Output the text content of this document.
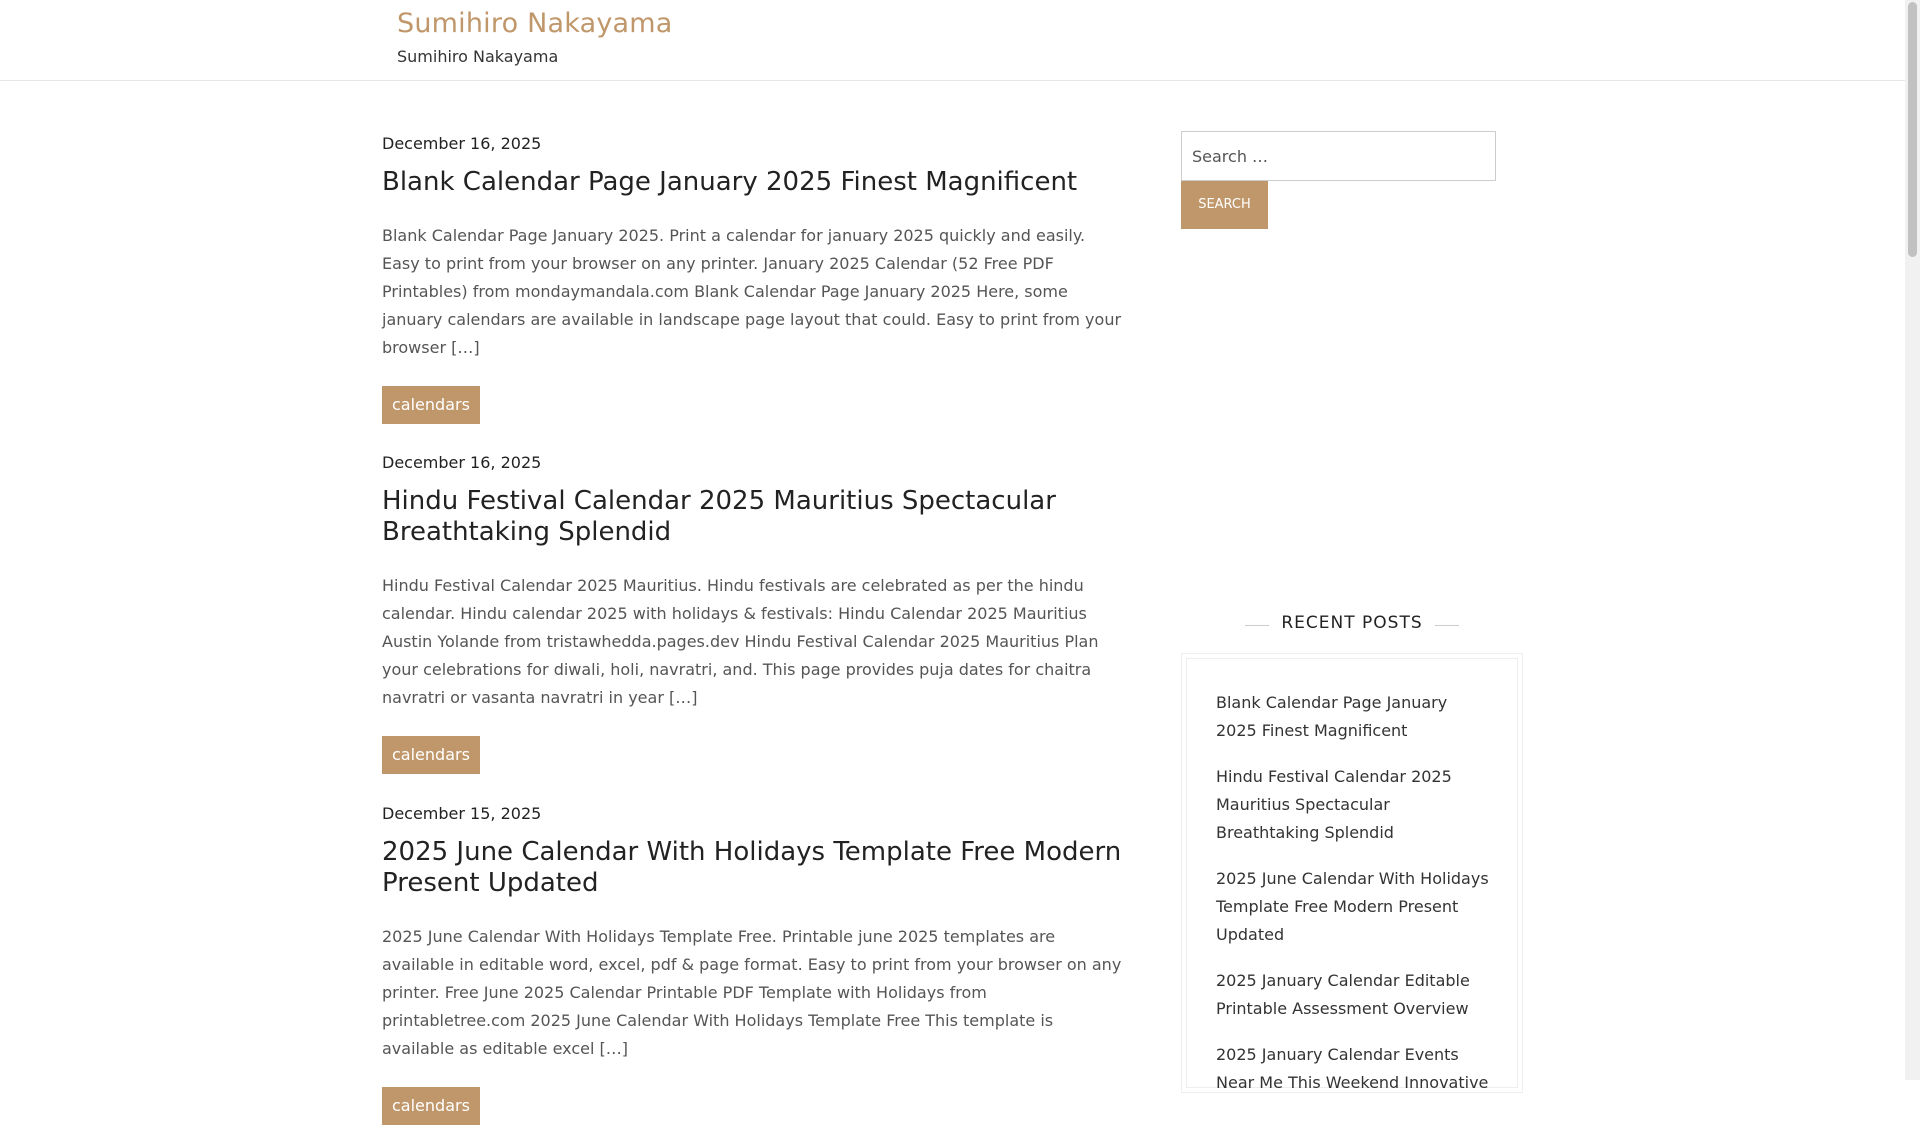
Sumihiro Nakayama

Sumihiro Nakayama

December 16, 2025
Blank Calendar Page January 2025 Finest Magnificent

Blank Calendar Page January 2025. Print a calendar for january 2025 quickly and easily. Easy to print from your browser on any printer. January 2025 Calendar (52 Free PDF Printables) from mondaymandala.com Blank Calendar Page January 2025 Here, some january calendars are available in landscape page layout that could. Easy to print from your browser […]

calendars
December 16, 2025
Hindu Festival Calendar 2025 Mauritius Spectacular Breathtaking Splendid

Hindu Festival Calendar 2025 Mauritius. Hindu festivals are celebrated as per the hindu calendar. Hindu calendar 2025 with holidays & festivals: Hindu Calendar 2025 Mauritius Austin Yolande from tristawhedda.pages.dev Hindu Festival Calendar 2025 Mauritius Plan your celebrations for diwali, holi, navratri, and. This page provides puja dates for chaitra navratri or vasanta navratri in year […]

calendars
December 15, 2025
2025 June Calendar With Holidays Template Free Modern Present Updated

2025 June Calendar With Holidays Template Free. Printable june 2025 templates are available in editable word, excel, pdf & page format. Easy to print from your browser on any printer. Free June 2025 Calendar Printable PDF Template with Holidays from printabletree.com 2025 June Calendar With Holidays Template Free This template is available as editable excel […]

calendars
Search …
SEARCH
RECENT POSTS
Blank Calendar Page January 2025 Finest Magnificent
Hindu Festival Calendar 2025 Mauritius Spectacular Breathtaking Splendid
2025 June Calendar With Holidays Template Free Modern Present Updated
2025 January Calendar Editable Printable Assessment Overview
2025 January Calendar Events Near Me This Weekend Innovative
